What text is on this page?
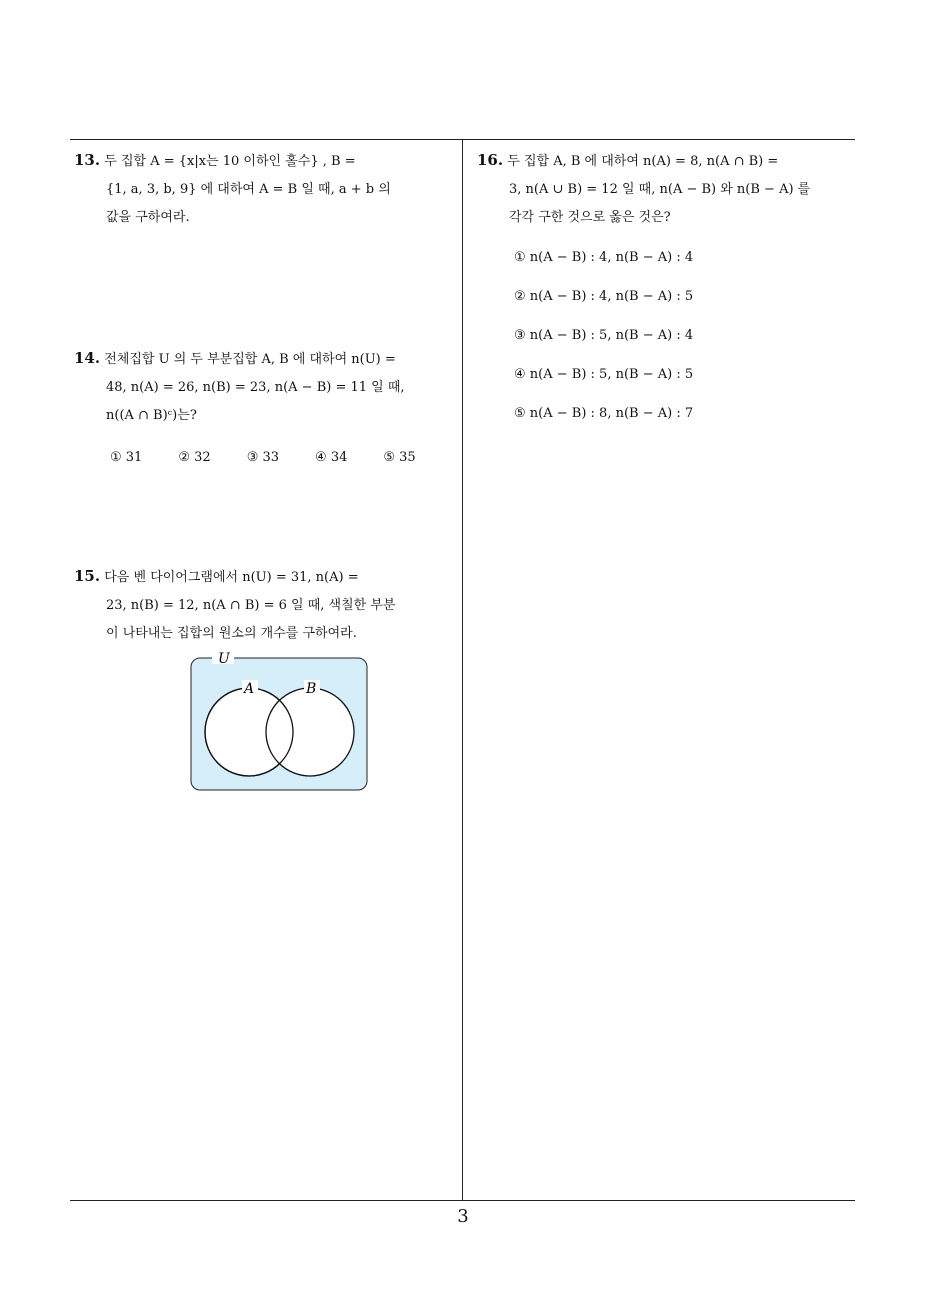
13. 두 집합 A = {x|x는 10 이하인 홀수} , B =
{1, a, 3, b, 9} 에 대하여 A = B 일 때, a + b 의
값을 구하여라.
14. 전체집합 U 의 두 부분집합 A, B 에 대하여 n(U) =
48, n(A) = 26, n(B) = 23, n(A − B) = 11 일 때,
n((A ∩ B)ᶜ)는?
① 31	② 32	③ 33	④ 34	⑤ 35
15. 다음 벤 다이어그램에서 n(U) = 31, n(A) =
23, n(B) = 12, n(A ∩ B) = 6 일 때, 색칠한 부분
이 나타내는 집합의 원소의 개수를 구하여라.
U
A	B
16. 두 집합 A, B 에 대하여 n(A) = 8, n(A ∩ B) =
3, n(A ∪ B) = 12 일 때, n(A − B) 와 n(B − A) 를
각각 구한 것으로 옳은 것은?
① n(A − B) : 4, n(B − A) : 4
② n(A − B) : 4, n(B − A) : 5
③ n(A − B) : 5, n(B − A) : 4
④ n(A − B) : 5, n(B − A) : 5
⑤ n(A − B) : 8, n(B − A) : 7
3
